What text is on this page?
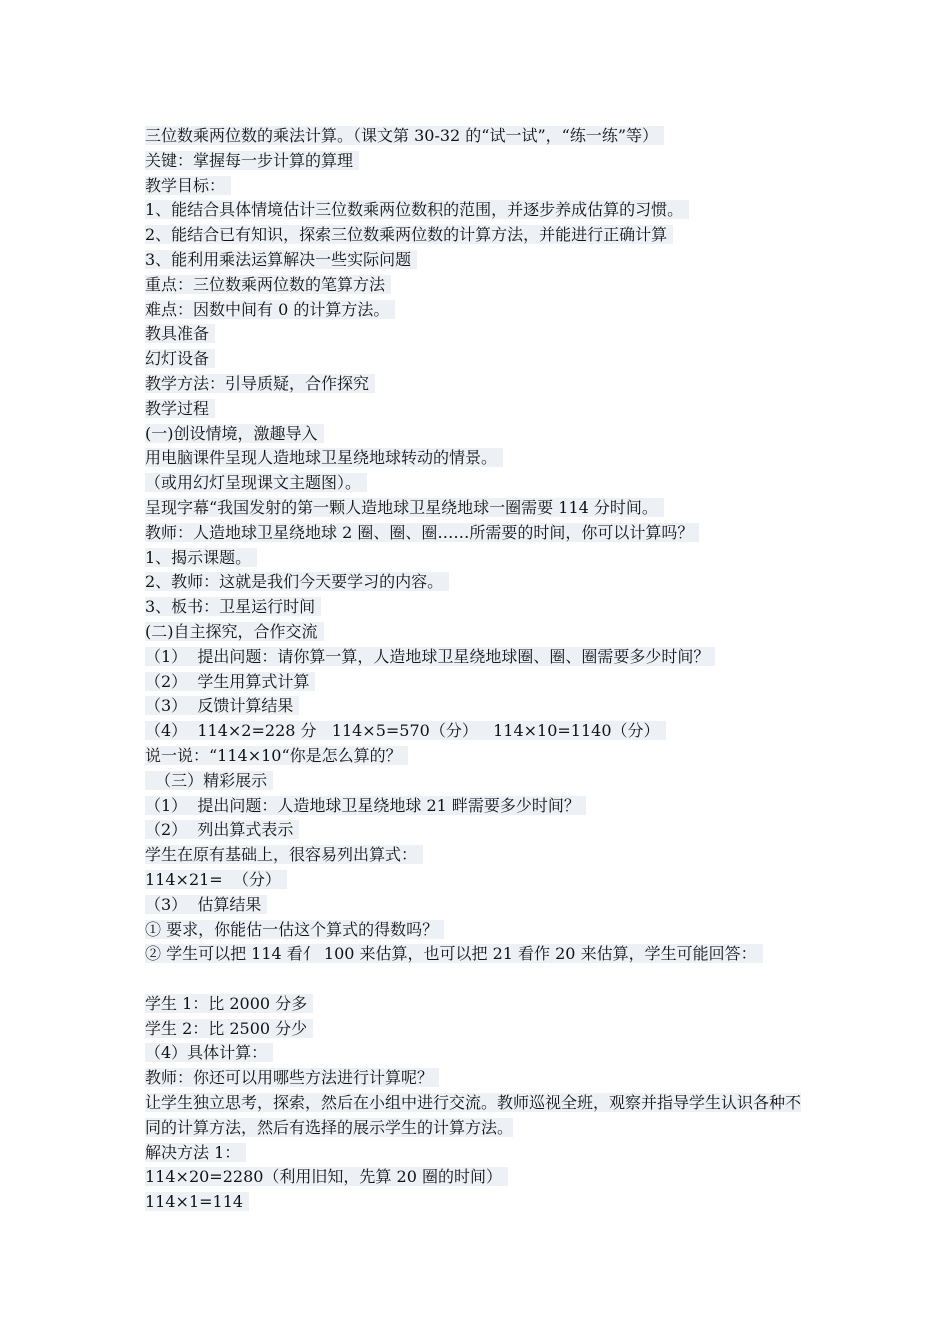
三位数乘两位数的乘法计算。（课文第 30-32 的“试一试”，“练一练”等）
关键：掌握每一步计算的算理
教学目标：
1、能结合具体情境估计三位数乘两位数积的范围，并逐步养成估算的习惯。
2、能结合已有知识，探索三位数乘两位数的计算方法，并能进行正确计算
3、能利用乘法运算解决一些实际问题
重点：三位数乘两位数的笔算方法
难点：因数中间有 0 的计算方法。
教具准备
幻灯设备
教学方法：引导质疑，合作探究
教学过程
(一)创设情境，激趣导入
用电脑课件呈现人造地球卫星绕地球转动的情景。
（或用幻灯呈现课文主题图）。
呈现字幕“我国发射的第一颗人造地球卫星绕地球一圈需要 114 分时间。
教师：人造地球卫星绕地球 2 圈、圈、圈……所需要的时间，你可以计算吗？
1、揭示课题。
2、教师：这就是我们今天要学习的内容。
3、板书：卫星运行时间
(二)自主探究，合作交流
（1）  提出问题：请你算一算，人造地球卫星绕地球圈、圈、圈需要多少时间？
（2）  学生用算式计算
（3）  反馈计算结果
（4）  114×2=228 分   114×5=570（分）   114×10=1140（分）
说一说：“114×10“你是怎么算的？
（三）精彩展示
（1）  提出问题：人造地球卫星绕地球 21 畔需要多少时间？
（2）  列出算式表示
学生在原有基础上，很容易列出算式：
114×21=  （分）
（3）  估算结果
① 要求，你能估一估这个算式的得数吗？
② 学生可以把 114 看亻 100 来估算，也可以把 21 看作 20 来估算，学生可能回答：
学生 1：比 2000 分多
学生 2：比 2500 分少
（4）具体计算：
教师：你还可以用哪些方法进行计算呢？
让学生独立思考，探索，然后在小组中进行交流。教师巡视全班，观察并指导学生认识各种不同的计算方法，然后有选择的展示学生的计算方法。
解决方法 1：
114×20=2280（利用旧知，先算 20 圈的时间）
114×1=114
